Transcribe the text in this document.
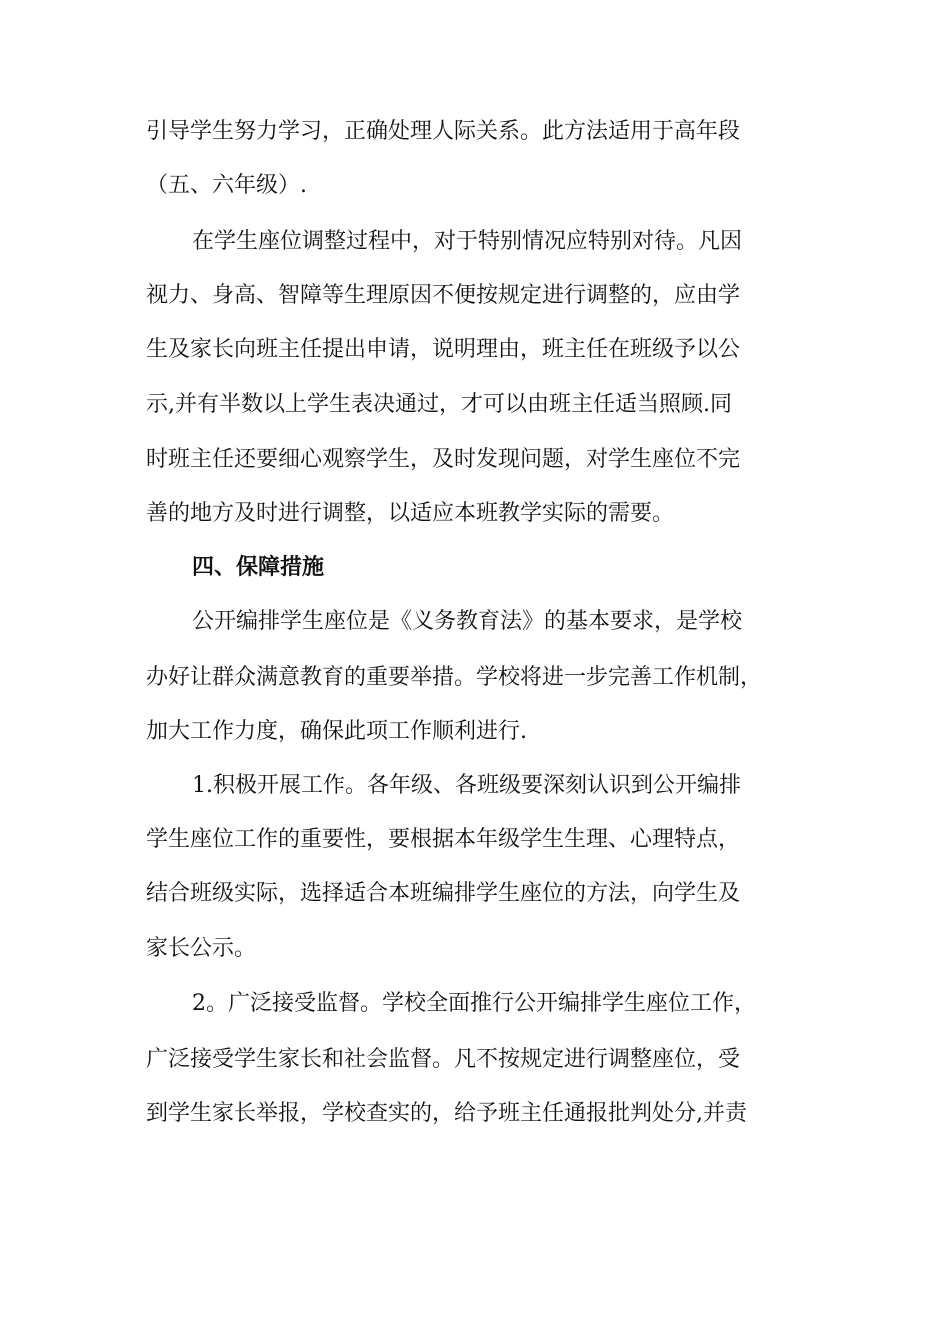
引导学生努力学习，正确处理人际关系。此方法适用于高年段
（五、六年级）.
在学生座位调整过程中，对于特别情况应特别对待。凡因
视力、身高、智障等生理原因不便按规定进行调整的，应由学
生及家长向班主任提出申请，说明理由，班主任在班级予以公
示,并有半数以上学生表决通过，才可以由班主任适当照顾.同
时班主任还要细心观察学生，及时发现问题，对学生座位不完
善的地方及时进行调整，以适应本班教学实际的需要。
四、保障措施
公开编排学生座位是《义务教育法》的基本要求，是学校
办好让群众满意教育的重要举措。学校将进一步完善工作机制，
加大工作力度，确保此项工作顺利进行.
1.积极开展工作。各年级、各班级要深刻认识到公开编排
学生座位工作的重要性，要根据本年级学生生理、心理特点，
结合班级实际，选择适合本班编排学生座位的方法，向学生及
家长公示。
2。广泛接受监督。学校全面推行公开编排学生座位工作，
广泛接受学生家长和社会监督。凡不按规定进行调整座位，受
到学生家长举报，学校查实的，给予班主任通报批判处分,并责
